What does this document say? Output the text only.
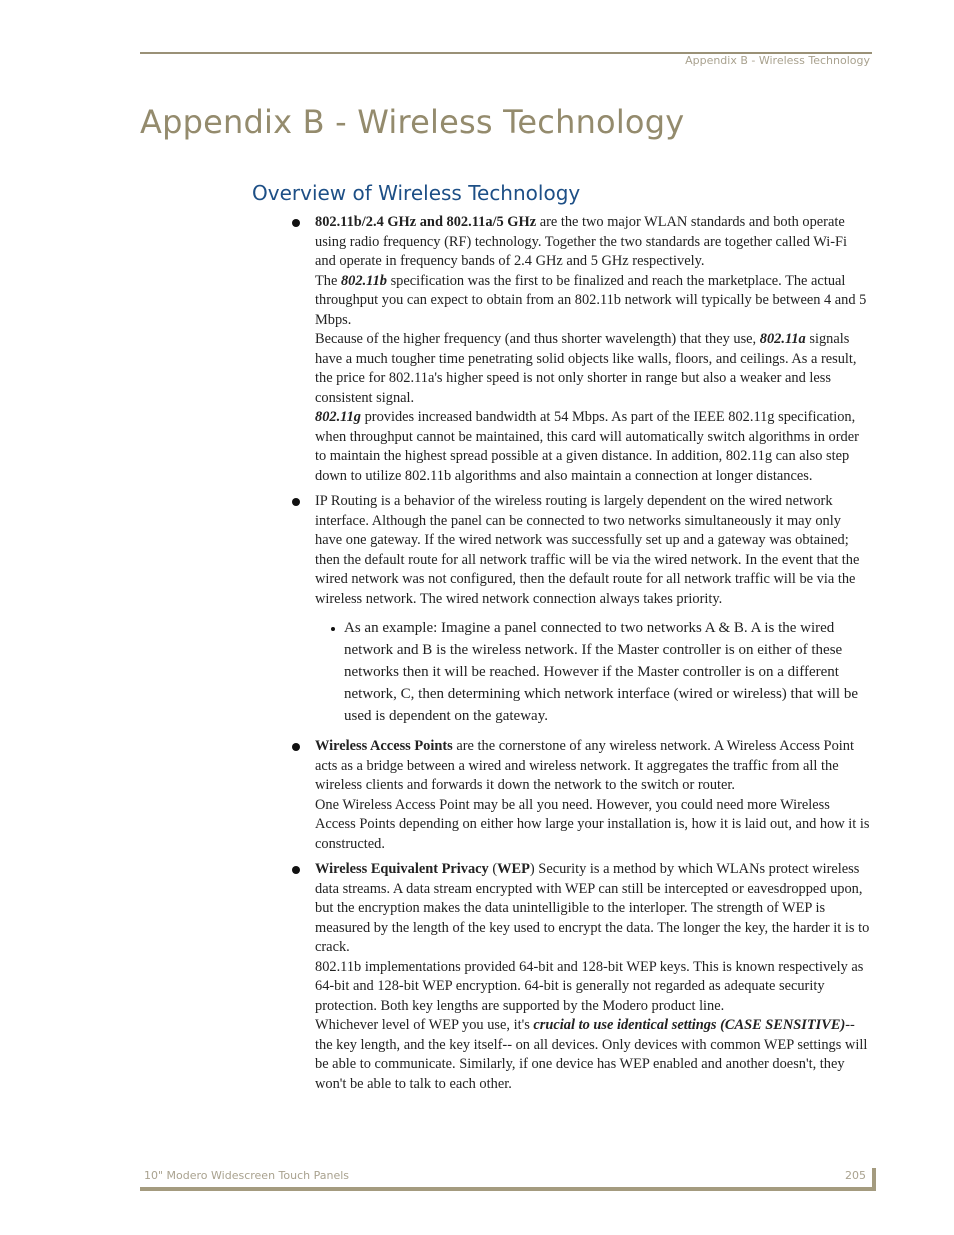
Appendix B - Wireless Technology
Appendix B - Wireless Technology
Overview of Wireless Technology

802.11b/2.4 GHz and 802.11a/5 GHz are the two major WLAN standards and both operate using radio frequency (RF) technology. Together the two standards are together called Wi-Fi and operate in frequency bands of 2.4 GHz and 5 GHz respectively.

The 802.11b specification was the first to be finalized and reach the marketplace. The actual throughput you can expect to obtain from an 802.11b network will typically be between 4 and 5 Mbps.

Because of the higher frequency (and thus shorter wavelength) that they use, 802.11a signals have a much tougher time penetrating solid objects like walls, floors, and ceilings. As a result, the price for 802.11a's higher speed is not only shorter in range but also a weaker and less consistent signal.

802.11g provides increased bandwidth at 54 Mbps. As part of the IEEE 802.11g specification, when throughput cannot be maintained, this card will automatically switch algorithms in order to maintain the highest spread possible at a given distance. In addition, 802.11g can also step down to utilize 802.11b algorithms and also maintain a connection at longer distances.

IP Routing is a behavior of the wireless routing is largely dependent on the wired network interface. Although the panel can be connected to two networks simultaneously it may only have one gateway. If the wired network was successfully set up and a gateway was obtained; then the default route for all network traffic will be via the wired network. In the event that the wired network was not configured, then the default route for all network traffic will be via the wireless network. The wired network connection always takes priority.

As an example: Imagine a panel connected to two networks A & B. A is the wired network and B is the wireless network. If the Master controller is on either of these networks then it will be reached. However if the Master controller is on a different network, C, then determining which network interface (wired or wireless) that will be used is dependent on the gateway.

Wireless Access Points are the cornerstone of any wireless network. A Wireless Access Point acts as a bridge between a wired and wireless network. It aggregates the traffic from all the wireless clients and forwards it down the network to the switch or router.

One Wireless Access Point may be all you need. However, you could need more Wireless Access Points depending on either how large your installation is, how it is laid out, and how it is constructed.

Wireless Equivalent Privacy (WEP) Security is a method by which WLANs protect wireless data streams. A data stream encrypted with WEP can still be intercepted or eavesdropped upon, but the encryption makes the data unintelligible to the interloper. The strength of WEP is measured by the length of the key used to encrypt the data. The longer the key, the harder it is to crack.

802.11b implementations provided 64-bit and 128-bit WEP keys. This is known respectively as 64-bit and 128-bit WEP encryption. 64-bit is generally not regarded as adequate security protection. Both key lengths are supported by the Modero product line.

Whichever level of WEP you use, it's crucial to use identical settings (CASE SENSITIVE)-- the key length, and the key itself-- on all devices. Only devices with common WEP settings will be able to communicate. Similarly, if one device has WEP enabled and another doesn't, they won't be able to talk to each other.

10" Modero Widescreen Touch Panels	205
